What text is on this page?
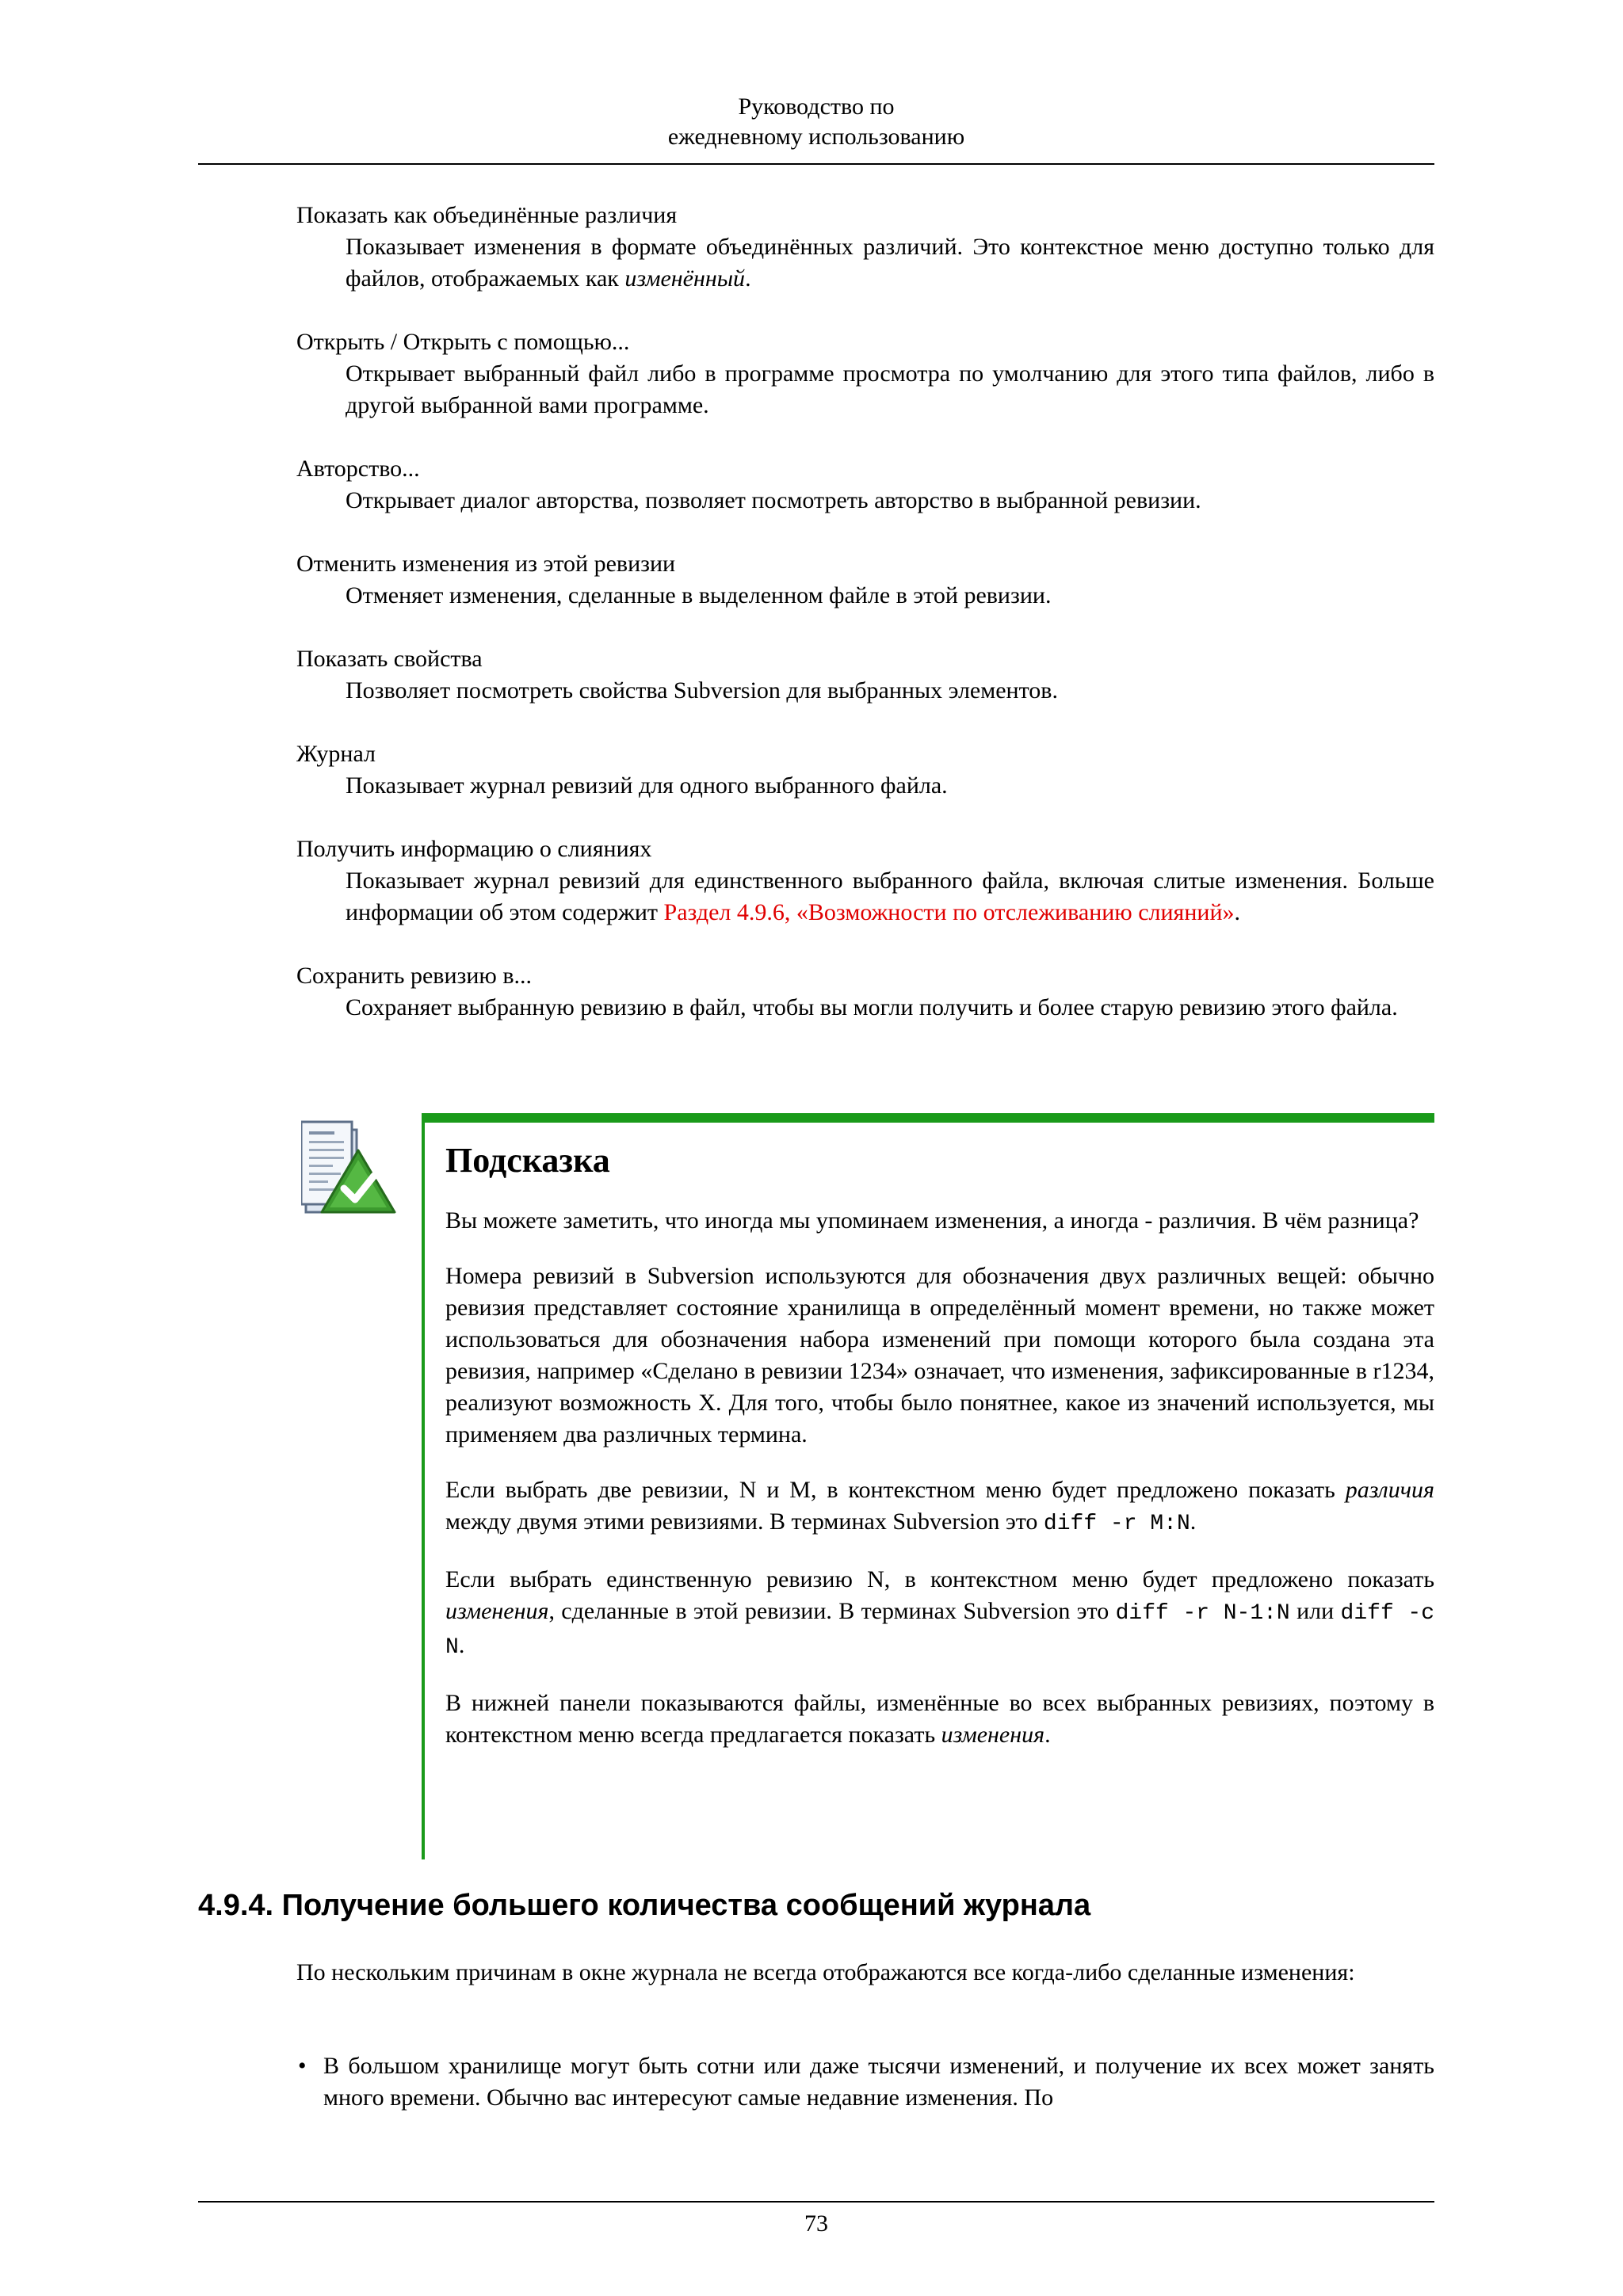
Руководство по
ежедневному использованию
Показать как объединённые различия
Показывает изменения в формате объединённых различий. Это контекстное меню доступно только для файлов, отображаемых как изменённый.
Открыть / Открыть с помощью...
Открывает выбранный файл либо в программе просмотра по умолчанию для этого типа файлов, либо в другой выбранной вами программе.
Авторство...
Открывает диалог авторства, позволяет посмотреть авторство в выбранной ревизии.
Отменить изменения из этой ревизии
Отменяет изменения, сделанные в выделенном файле в этой ревизии.
Показать свойства
Позволяет посмотреть свойства Subversion для выбранных элементов.
Журнал
Показывает журнал ревизий для одного выбранного файла.
Получить информацию о слияниях
Показывает журнал ревизий для единственного выбранного файла, включая слитые изменения. Больше информации об этом содержит Раздел 4.9.6, «Возможности по отслеживанию слияний».
Сохранить ревизию в...
Сохраняет выбранную ревизию в файл, чтобы вы могли получить и более старую ревизию этого файла.
Подсказка

Вы можете заметить, что иногда мы упоминаем изменения, а иногда - различия. В чём разница?

Номера ревизий в Subversion используются для обозначения двух различных вещей: обычно ревизия представляет состояние хранилища в определённый момент времени, но также может использоваться для обозначения набора изменений при помощи которого была создана эта ревизия, например «Сделано в ревизии 1234» означает, что изменения, зафиксированные в r1234, реализуют возможность X. Для того, чтобы было понятнее, какое из значений используется, мы применяем два различных термина.

Если выбрать две ревизии, N и M, в контекстном меню будет предложено показать различия между двумя этими ревизиями. В терминах Subversion это diff -r M:N.

Если выбрать единственную ревизию N, в контекстном меню будет предложено показать изменения, сделанные в этой ревизии. В терминах Subversion это diff -r N-1:N или diff -c N.

В нижней панели показываются файлы, изменённые во всех выбранных ревизиях, поэтому в контекстном меню всегда предлагается показать изменения.

4.9.4. Получение большего количества сообщений журнала

По нескольким причинам в окне журнала не всегда отображаются все когда-либо сделанные изменения:

• В большом хранилище могут быть сотни или даже тысячи изменений, и получение их всех может занять много времени. Обычно вас интересуют самые недавние изменения. По
73
